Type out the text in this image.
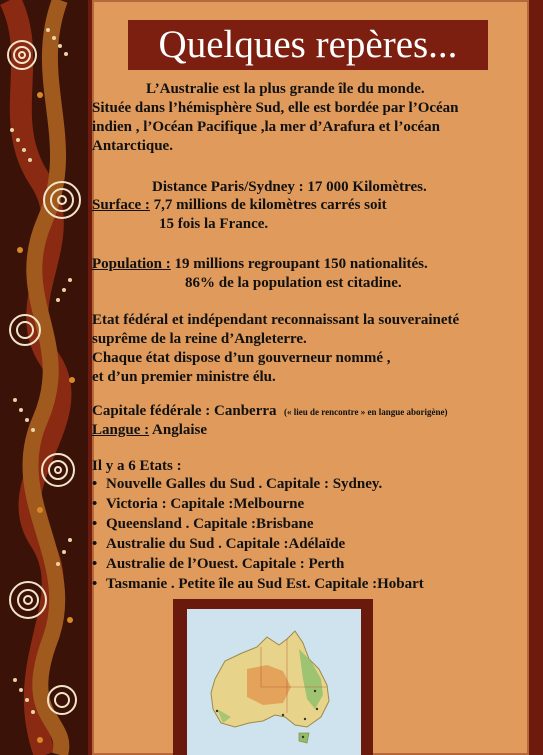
Quelques repères...
L’Australie est la plus grande île du monde.
Située dans l’hémisphère Sud, elle est bordée par l’Océan
indien , l’Océan Pacifique ,la mer d’Arafura et l’océan
Antarctique.
Distance Paris/Sydney : 17 000 Kilomètres.
Surface : 7,7 millions de kilomètres carrés soit
15 fois la France.
Population : 19 millions regroupant 150 nationalités.
86% de la population est citadine.
Etat fédéral et indépendant reconnaissant la souveraineté
suprême de la reine d’Angleterre.
Chaque état dispose d’un gouverneur nommé ,
et d’un premier ministre élu.
Capitale fédérale : Canberra (« lieu de rencontre » en langue aborigène)
Langue : Anglaise
Il y a 6 Etats :
• Nouvelle Galles du Sud . Capitale : Sydney.
• Victoria : Capitale :Melbourne
• Queensland . Capitale :Brisbane
• Australie du Sud . Capitale :Adélaïde
• Australie de l’Ouest. Capitale : Perth
• Tasmanie . Petite île au Sud Est. Capitale :Hobart
